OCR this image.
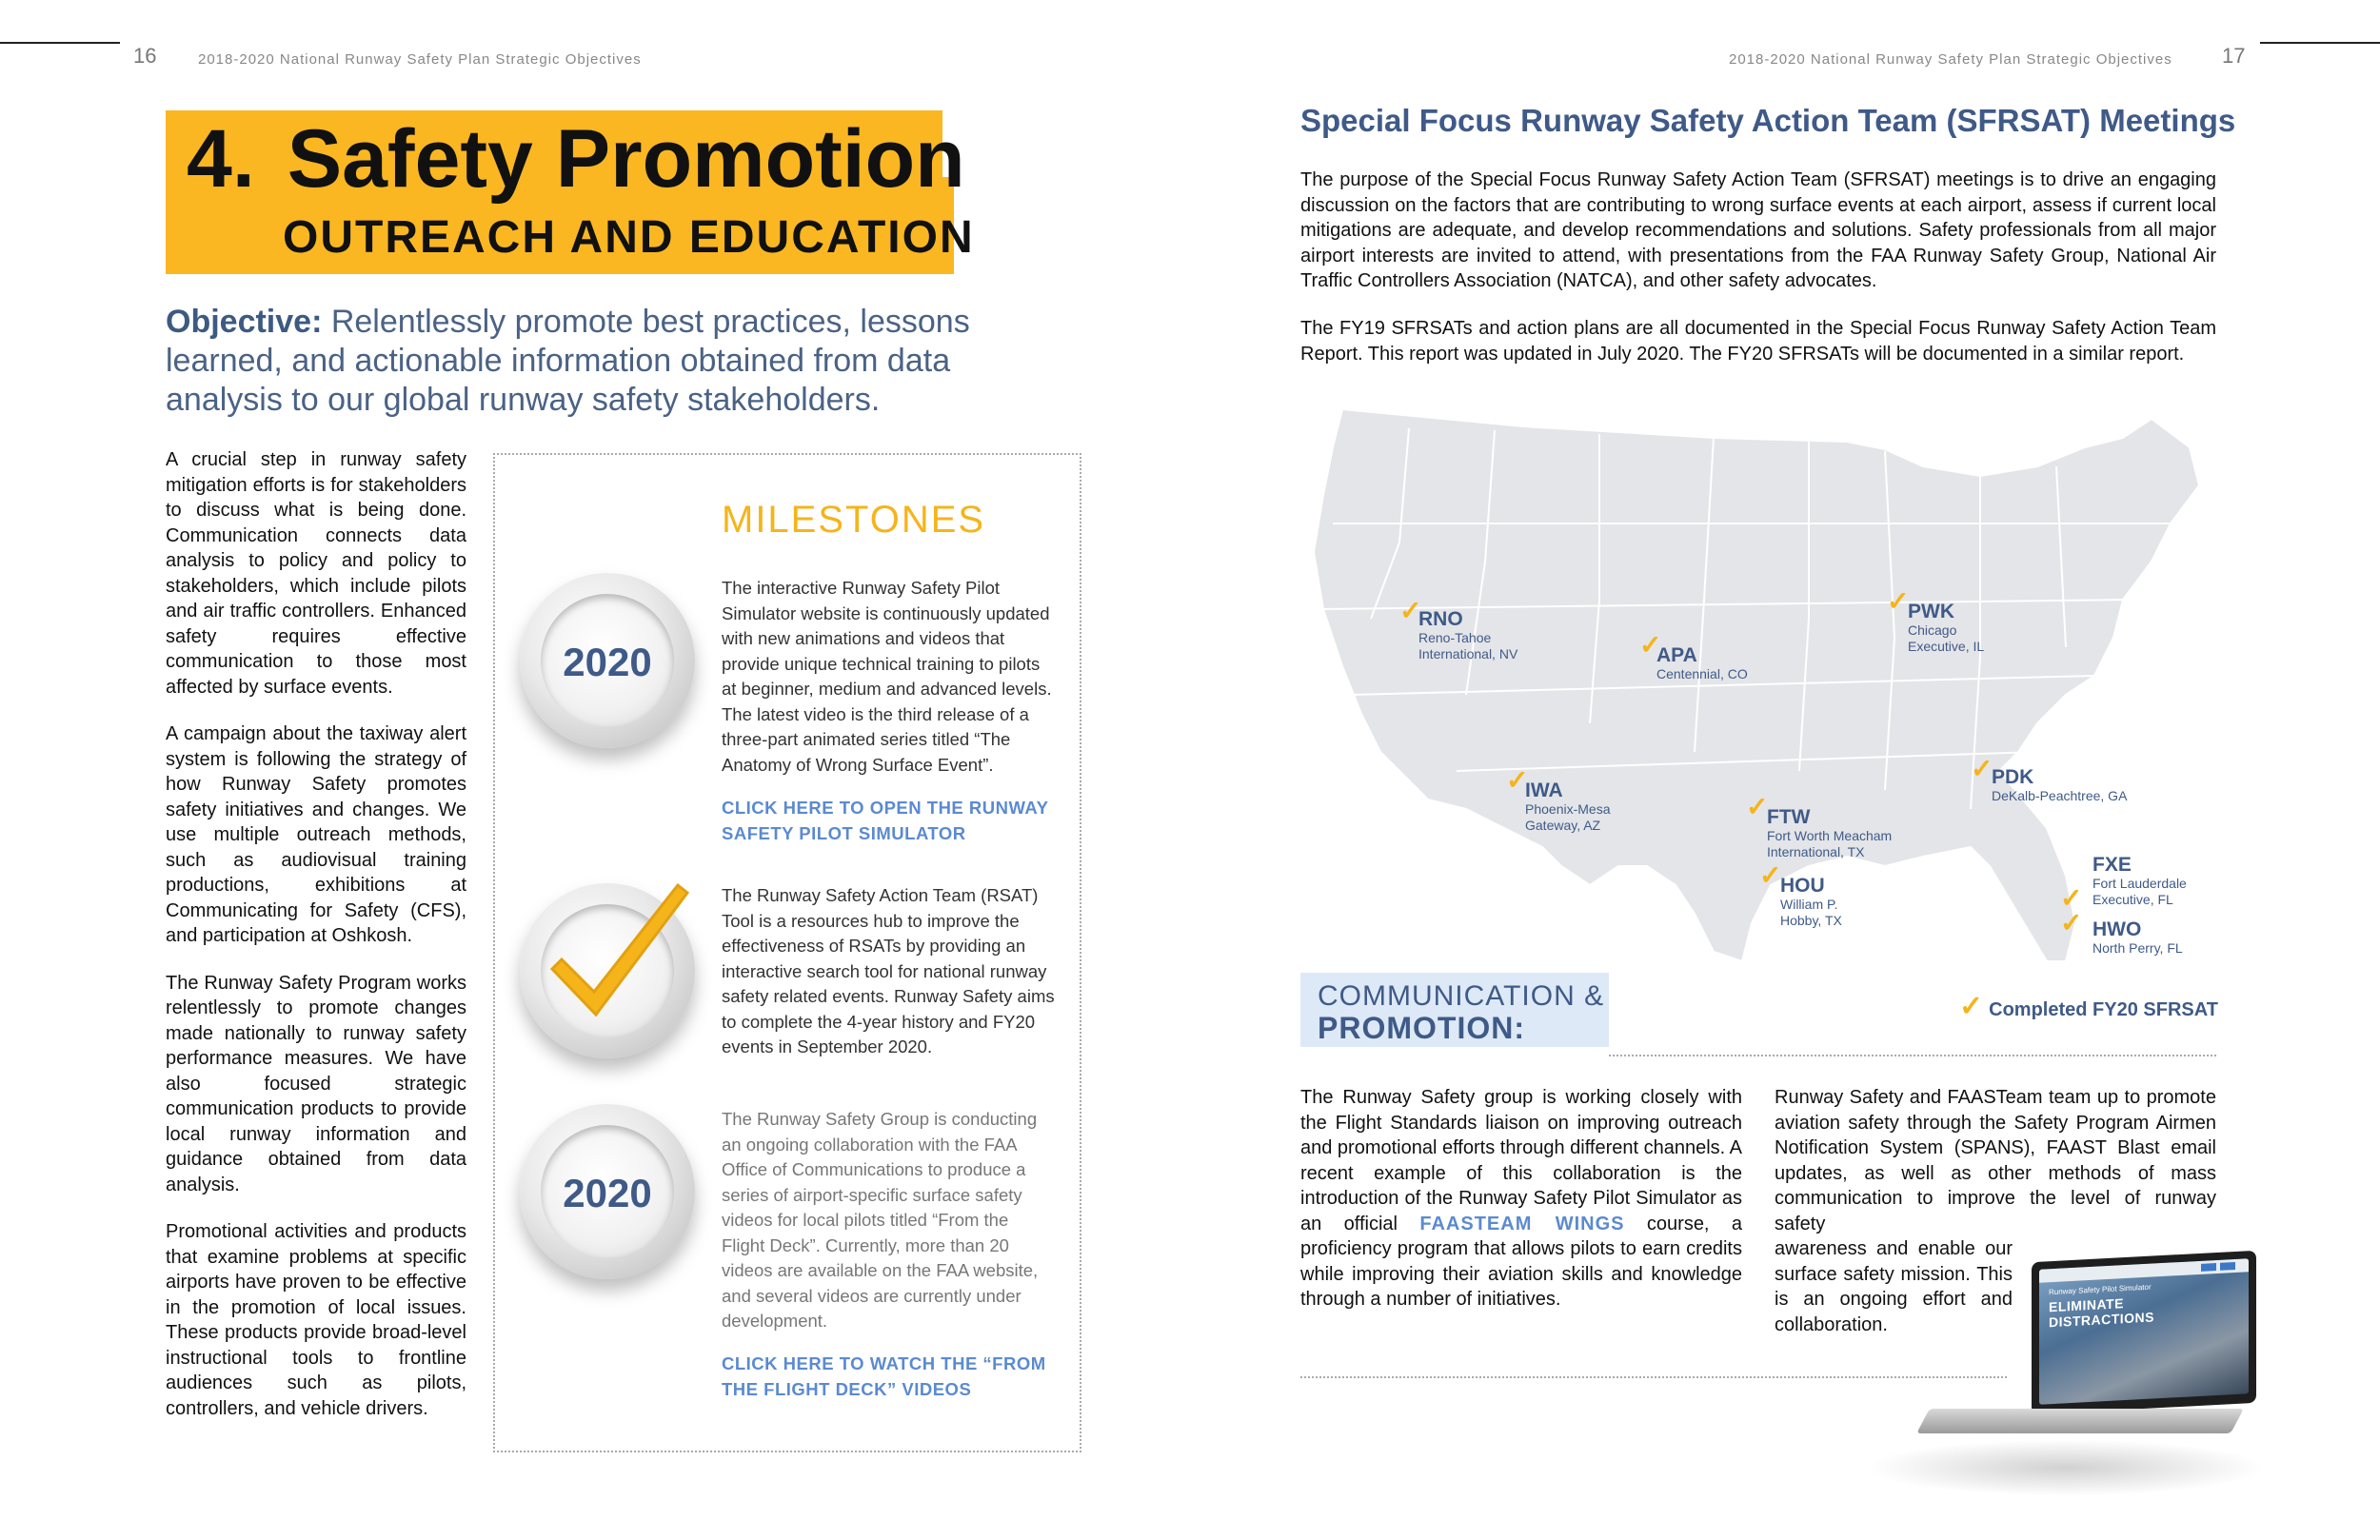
16	2018-2020 National Runway Safety Plan Strategic Objectives	2018-2020 National Runway Safety Plan Strategic Objectives 17
4. Safety Promotion
OUTREACH AND EDUCATION
Objective: Relentlessly promote best practices, lessons learned, and actionable information obtained from data analysis to our global runway safety stakeholders.

A crucial step in runway safety mitigation efforts is for stakeholders to discuss what is being done. Communication connects data analysis to policy and policy to stakeholders, which include pilots and air traffic controllers. Enhanced safety requires effective communication to those most affected by surface events.

A campaign about the taxiway alert system is following the strategy of how Runway Safety promotes safety initiatives and changes. We use multiple outreach methods, such as audiovisual training productions, exhibitions at Communicating for Safety (CFS), and participation at Oshkosh.

The Runway Safety Program works relentlessly to promote changes made nationally to runway safety performance measures. We have also focused strategic communication products to provide local runway information and guidance obtained from data analysis.

Promotional activities and products that examine problems at specific airports have proven to be effective in the promotion of local issues. These products provide broad-level instructional tools to frontline audiences such as pilots, controllers, and vehicle drivers.

MILESTONES
2020
The interactive Runway Safety Pilot Simulator website is continuously updated with new animations and videos that provide unique technical training to pilots at beginner, medium and advanced levels. The latest video is the third release of a three-part animated series titled “The Anatomy of Wrong Surface Event”.
CLICK HERE TO OPEN THE RUNWAY SAFETY PILOT SIMULATOR
The Runway Safety Action Team (RSAT) Tool is a resources hub to improve the effectiveness of RSATs by providing an interactive search tool for national runway safety related events. Runway Safety aims to complete the 4-year history and FY20 events in September 2020.
2020
The Runway Safety Group is conducting an ongoing collaboration with the FAA Office of Communications to produce a series of airport-specific surface safety videos for local pilots titled “From the Flight Deck”. Currently, more than 20 videos are available on the FAA website, and several videos are currently under development.
CLICK HERE TO WATCH THE “FROM THE FLIGHT DECK” VIDEOS
Special Focus Runway Safety Action Team (SFRSAT) Meetings
The purpose of the Special Focus Runway Safety Action Team (SFRSAT) meetings is to drive an engaging discussion on the factors that are contributing to wrong surface events at each airport, assess if current local mitigations are adequate, and develop recommendations and solutions. Safety professionals from all major airport interests are invited to attend, with presentations from the FAA Runway Safety Group, National Air Traffic Controllers Association (NATCA), and other safety advocates.
The FY19 SFRSATs and action plans are all documented in the Special Focus Runway Safety Action Team Report. This report was updated in July 2020. The FY20 SFRSATs will be documented in a similar report.
✓
RNO
Reno-Tahoe
International, NV	✓
APA
Centennial, CO
✓
PWK
Chicago
Executive, IL
✓
IWA
Phoenix-Mesa
Gateway, AZ
✓
PDK
DeKalb-Peachtree, GA
✓
FTW
Fort Worth Meacham
International, TX
FXE
Fort Lauderdale
Executive, FL
✓
✓
HOU
William P.
Hobby, TX	✓ HWO
North Perry, FL
COMMUNICATION &
PROMOTION:
✓ Completed FY20 SFRSAT
The Runway Safety group is working closely with the Flight Standards liaison on improving outreach and promotional efforts through different channels. A recent example of this collaboration is the introduction of the Runway Safety Pilot Simulator as an official FAASTEAM WINGS course, a proficiency program that allows pilots to earn credits while improving their aviation skills and knowledge through a number of initiatives.
Runway Safety and FAASTeam team up to promote aviation safety through the Safety Program Airmen Notification System (SPANS), FAAST Blast email updates, as well as other methods of mass communication to improve the level of runway safety
awareness and enable our surface safety mission. This is an ongoing effort and collaboration.
Runway Safety Pilot Simulator
ELIMINATE DISTRACTIONS
